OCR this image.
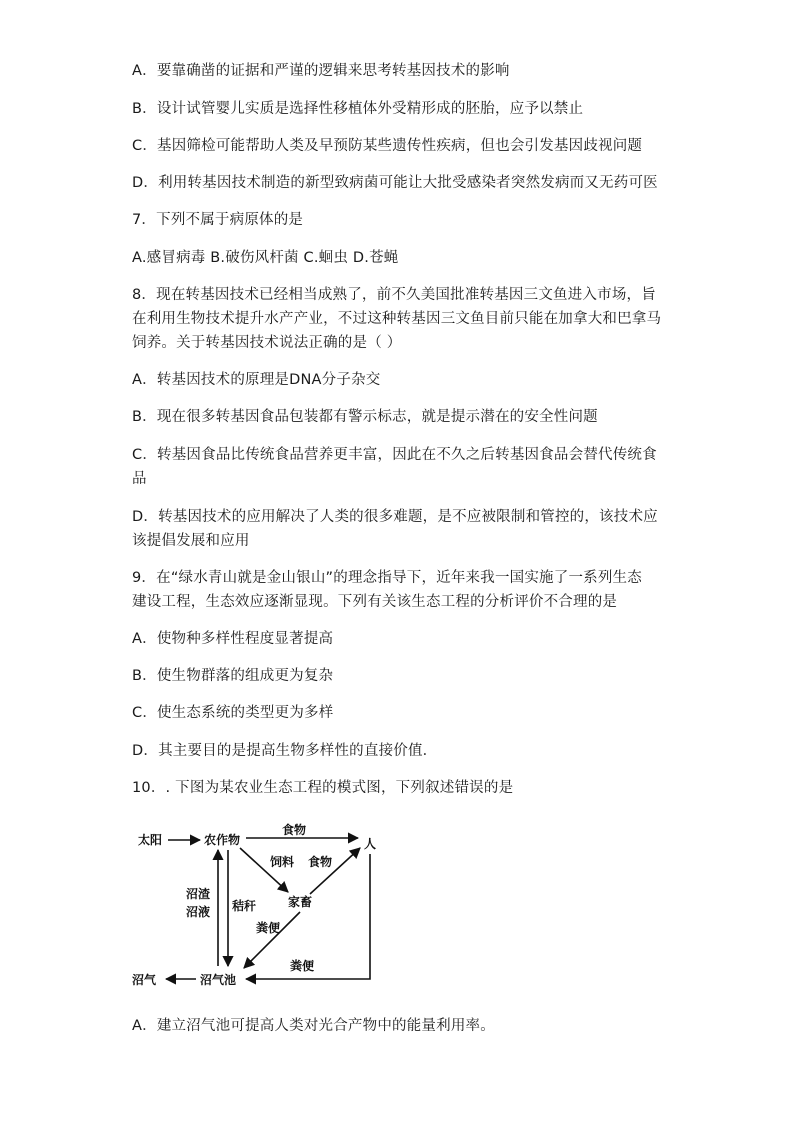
A．要靠确凿的证据和严谨的逻辑来思考转基因技术的影响
B．设计试管婴儿实质是选择性移植体外受精形成的胚胎，应予以禁止
C．基因筛检可能帮助人类及早预防某些遗传性疾病，但也会引发基因歧视问题
D．利用转基因技术制造的新型致病菌可能让大批受感染者突然发病而又无药可医
7．下列不属于病原体的是
A.感冒病毒 B.破伤风杆菌 C.蛔虫 D.苍蝇
8．现在转基因技术已经相当成熟了，前不久美国批准转基因三文鱼进入市场，旨
在利用生物技术提升水产产业，不过这种转基因三文鱼目前只能在加拿大和巴拿马
饲养。关于转基因技术说法正确的是（ ）
A．转基因技术的原理是DNA分子杂交
B．现在很多转基因食品包装都有警示标志，就是提示潜在的安全性问题
C．转基因食品比传统食品营养更丰富，因此在不久之后转基因食品会替代传统食
品
D．转基因技术的应用解决了人类的很多难题，是不应被限制和管控的，该技术应
该提倡发展和应用
9．在“绿水青山就是金山银山”的理念指导下，近年来我一国实施了一系列生态
建设工程，生态效应逐渐显现。下列有关该生态工程的分析评价不合理的是
A．使物种多样性程度显著提高
B．使生物群落的组成更为复杂
C．使生态系统的类型更为多样
D．其主要目的是提高生物多样性的直接价值．
10．. 下图为某农业生态工程的模式图，下列叙述错误的是
A．建立沼气池可提高人类对光合产物中的能量利用率。
太阳	农作物	人
家畜
沼气	沼气池
食物
饲料 食物
沼渣
沼液 秸秆
粪便
粪便
